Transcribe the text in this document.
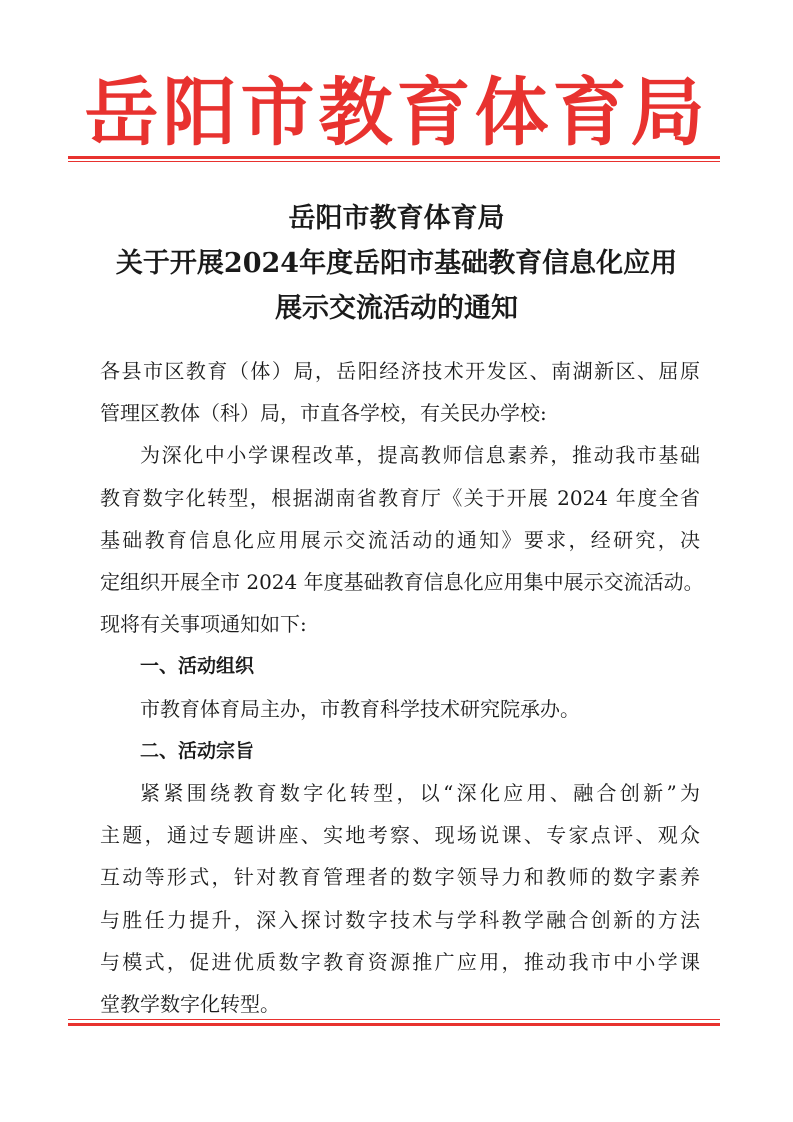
岳阳市教育体育局
岳阳市教育体育局
关于开展2024年度岳阳市基础教育信息化应用
展示交流活动的通知
各县市区教育（体）局，岳阳经济技术开发区、南湖新区、屈原
管理区教体（科）局，市直各学校，有关民办学校:
为深化中小学课程改革，提高教师信息素养，推动我市基础
教育数字化转型，根据湖南省教育厅《关于开展 2024 年度全省
基础教育信息化应用展示交流活动的通知》要求，经研究，决
定组织开展全市 2024 年度基础教育信息化应用集中展示交流活动。
现将有关事项通知如下:
一、活动组织
市教育体育局主办，市教育科学技术研究院承办。
二、活动宗旨
紧紧围绕教育数字化转型，以“深化应用、融合创新”为
主题，通过专题讲座、实地考察、现场说课、专家点评、观众
互动等形式，针对教育管理者的数字领导力和教师的数字素养
与胜任力提升，深入探讨数字技术与学科教学融合创新的方法
与模式，促进优质数字教育资源推广应用，推动我市中小学课
堂教学数字化转型。
